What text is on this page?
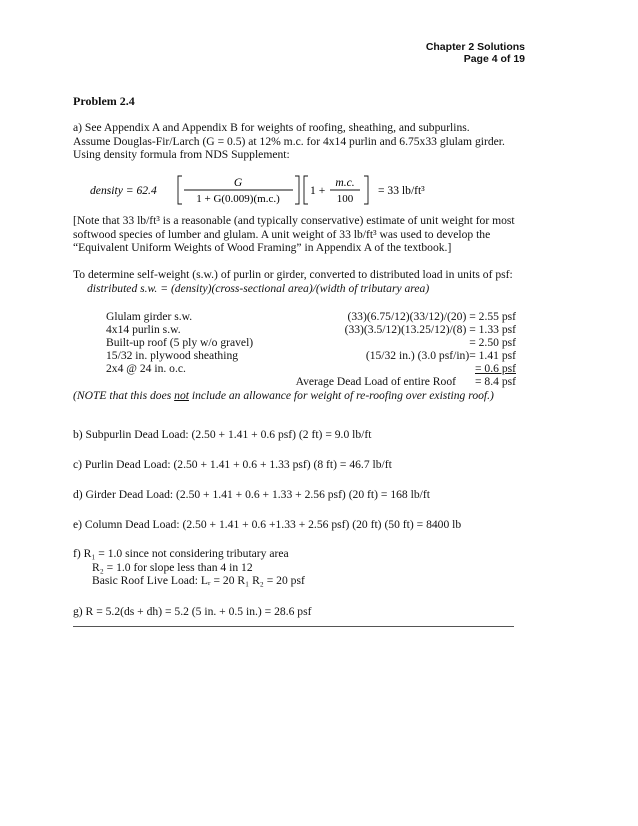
Chapter 2 Solutions
Page 4 of 19
Problem 2.4
a) See Appendix A and Appendix B for weights of roofing, sheathing, and subpurlins.
Assume Douglas-Fir/Larch (G = 0.5) at 12% m.c. for 4x14 purlin and 6.75x33 glulam girder.
Using density formula from NDS Supplement:
density = 62.4
G
1 + G(0.009)(m.c.)
1 +
m.c.
100
= 33 lb/ft³
[Note that 33 lb/ft³ is a reasonable (and typically conservative) estimate of unit weight for most
softwood species of lumber and glulam. A unit weight of 33 lb/ft³ was used to develop the
“Equivalent Uniform Weights of Wood Framing” in Appendix A of the textbook.]
To determine self-weight (s.w.) of purlin or girder, converted to distributed load in units of psf:
distributed s.w. = (density)(cross-sectional area)/(width of tributary area)
Glulam girder s.w.	(33)(6.75/12)(33/12)/(20) = 2.55 psf
4x14 purlin s.w.	(33)(3.5/12)(13.25/12)/(8) = 1.33 psf
Built-up roof (5 ply w/o gravel)	= 2.50 psf
15/32 in. plywood sheathing	(15/32 in.) (3.0 psf/in)= 1.41 psf
2x4 @ 24 in. o.c.	= 0.6 psf
Average Dead Load of entire Roof = 8.4 psf
(NOTE that this does not include an allowance for weight of re-roofing over existing roof.)
b) Subpurlin Dead Load: (2.50 + 1.41 + 0.6 psf) (2 ft) = 9.0 lb/ft
c) Purlin Dead Load: (2.50 + 1.41 + 0.6 + 1.33 psf) (8 ft) = 46.7 lb/ft
d) Girder Dead Load: (2.50 + 1.41 + 0.6 + 1.33 + 2.56 psf) (20 ft) = 168 lb/ft
e) Column Dead Load: (2.50 + 1.41 + 0.6 +1.33 + 2.56 psf) (20 ft) (50 ft) = 8400 lb
f) R₁ = 1.0 since not considering tributary area
R₂ = 1.0 for slope less than 4 in 12
Basic Roof Live Load: Lᵣ = 20 R₁ R₂ = 20 psf
g) R = 5.2(ds + dh) = 5.2 (5 in. + 0.5 in.) = 28.6 psf
